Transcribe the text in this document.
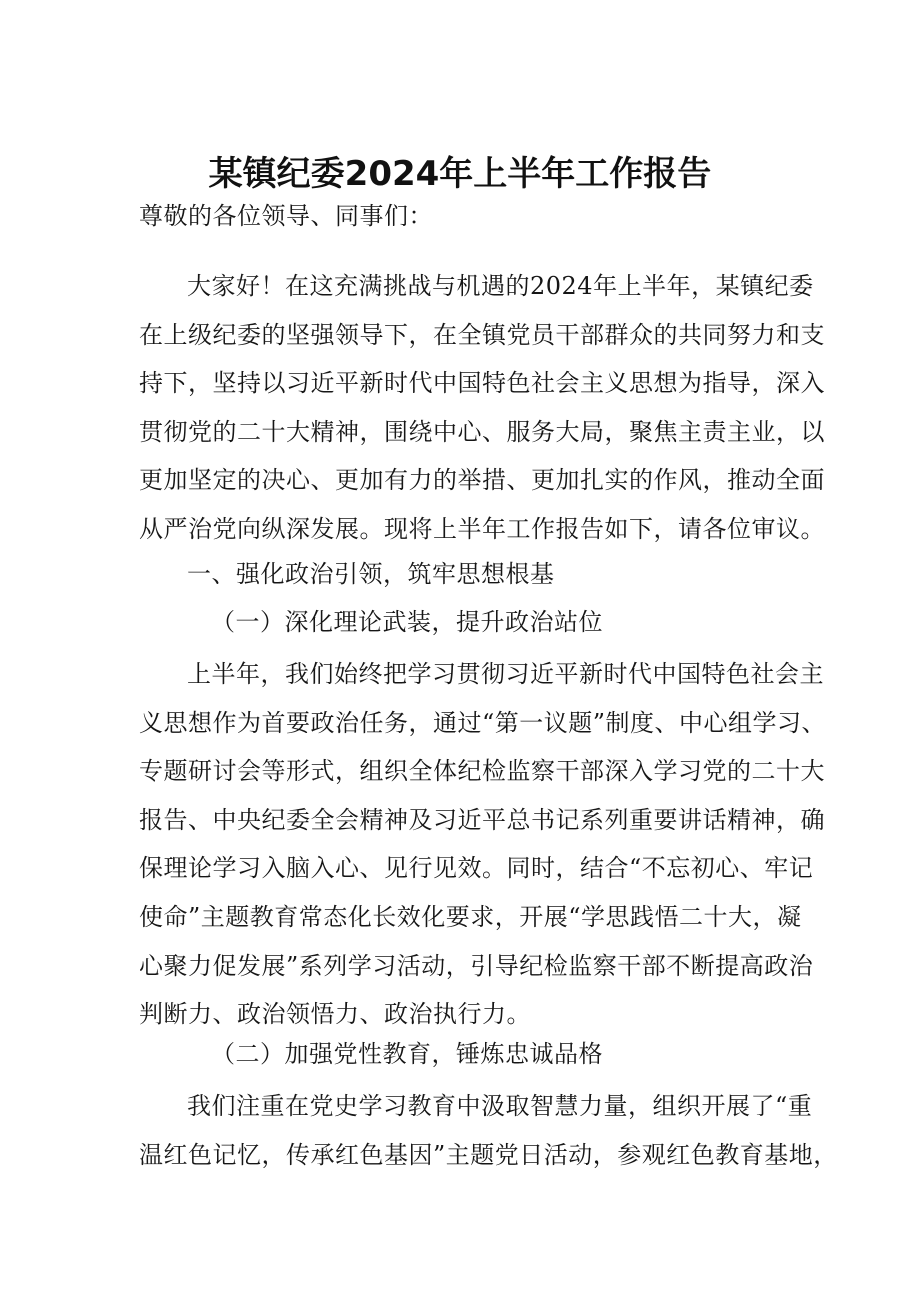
某镇纪委2024年上半年工作报告
尊敬的各位领导、同事们：
大家好！在这充满挑战与机遇的2024年上半年，某镇纪委
在上级纪委的坚强领导下，在全镇党员干部群众的共同努力和支
持下，坚持以习近平新时代中国特色社会主义思想为指导，深入
贯彻党的二十大精神，围绕中心、服务大局，聚焦主责主业，以
更加坚定的决心、更加有力的举措、更加扎实的作风，推动全面
从严治党向纵深发展。现将上半年工作报告如下，请各位审议。
一、强化政治引领，筑牢思想根基
（一）深化理论武装，提升政治站位
上半年，我们始终把学习贯彻习近平新时代中国特色社会主
义思想作为首要政治任务，通过“第一议题”制度、中心组学习、
专题研讨会等形式，组织全体纪检监察干部深入学习党的二十大
报告、中央纪委全会精神及习近平总书记系列重要讲话精神，确
保理论学习入脑入心、见行见效。同时，结合“不忘初心、牢记
使命”主题教育常态化长效化要求，开展“学思践悟二十大，凝
心聚力促发展”系列学习活动，引导纪检监察干部不断提高政治
判断力、政治领悟力、政治执行力。
（二）加强党性教育，锤炼忠诚品格
我们注重在党史学习教育中汲取智慧力量，组织开展了“重
温红色记忆，传承红色基因”主题党日活动，参观红色教育基地，
